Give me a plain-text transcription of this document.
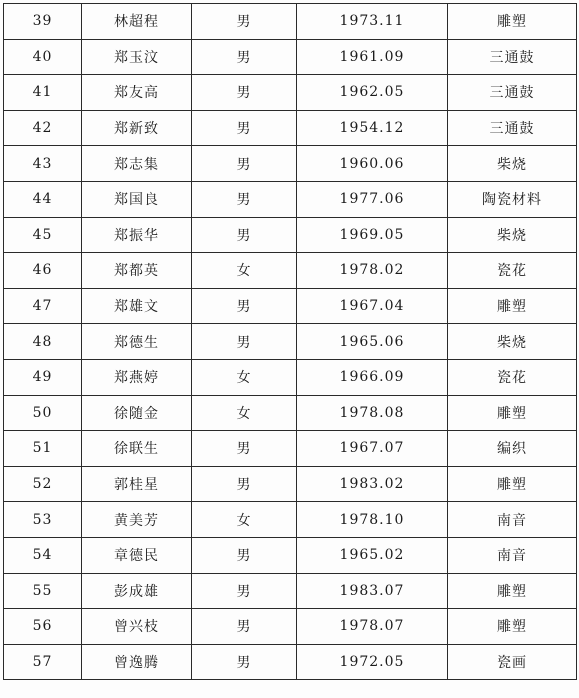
39	林超程	男	1973.11	雕塑
40	郑玉汶	男	1961.09	三通鼓
41	郑友高	男	1962.05	三通鼓
42	郑新致	男	1954.12	三通鼓
43	郑志集	男	1960.06	柴烧
44	郑国良	男	1977.06	陶瓷材料
45	郑振华	男	1969.05	柴烧
46	郑都英	女	1978.02	瓷花
47	郑雄文	男	1967.04	雕塑
48	郑德生	男	1965.06	柴烧
49	郑燕婷	女	1966.09	瓷花
50	徐随金	女	1978.08	雕塑
51	徐联生	男	1967.07	编织
52	郭桂星	男	1983.02	雕塑
53	黄美芳	女	1978.10	南音
54	章德民	男	1965.02	南音
55	彭成雄	男	1983.07	雕塑
56	曾兴枝	男	1978.07	雕塑
57	曾逸腾	男	1972.05	瓷画
